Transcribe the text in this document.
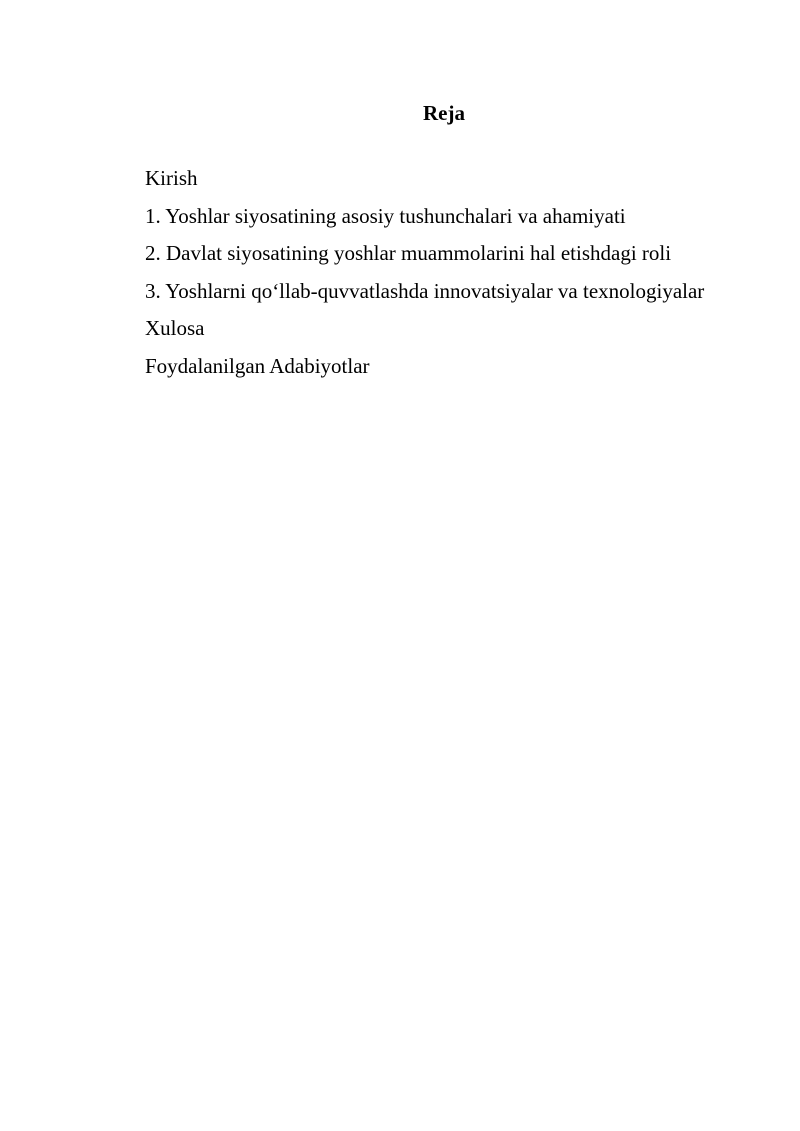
Reja
Kirish
1. Yoshlar siyosatining asosiy tushunchalari va ahamiyati
2. Davlat siyosatining yoshlar muammolarini hal etishdagi roli
3. Yoshlarni qo‘llab-quvvatlashda innovatsiyalar va texnologiyalar
Xulosa
Foydalanilgan Adabiyotlar
